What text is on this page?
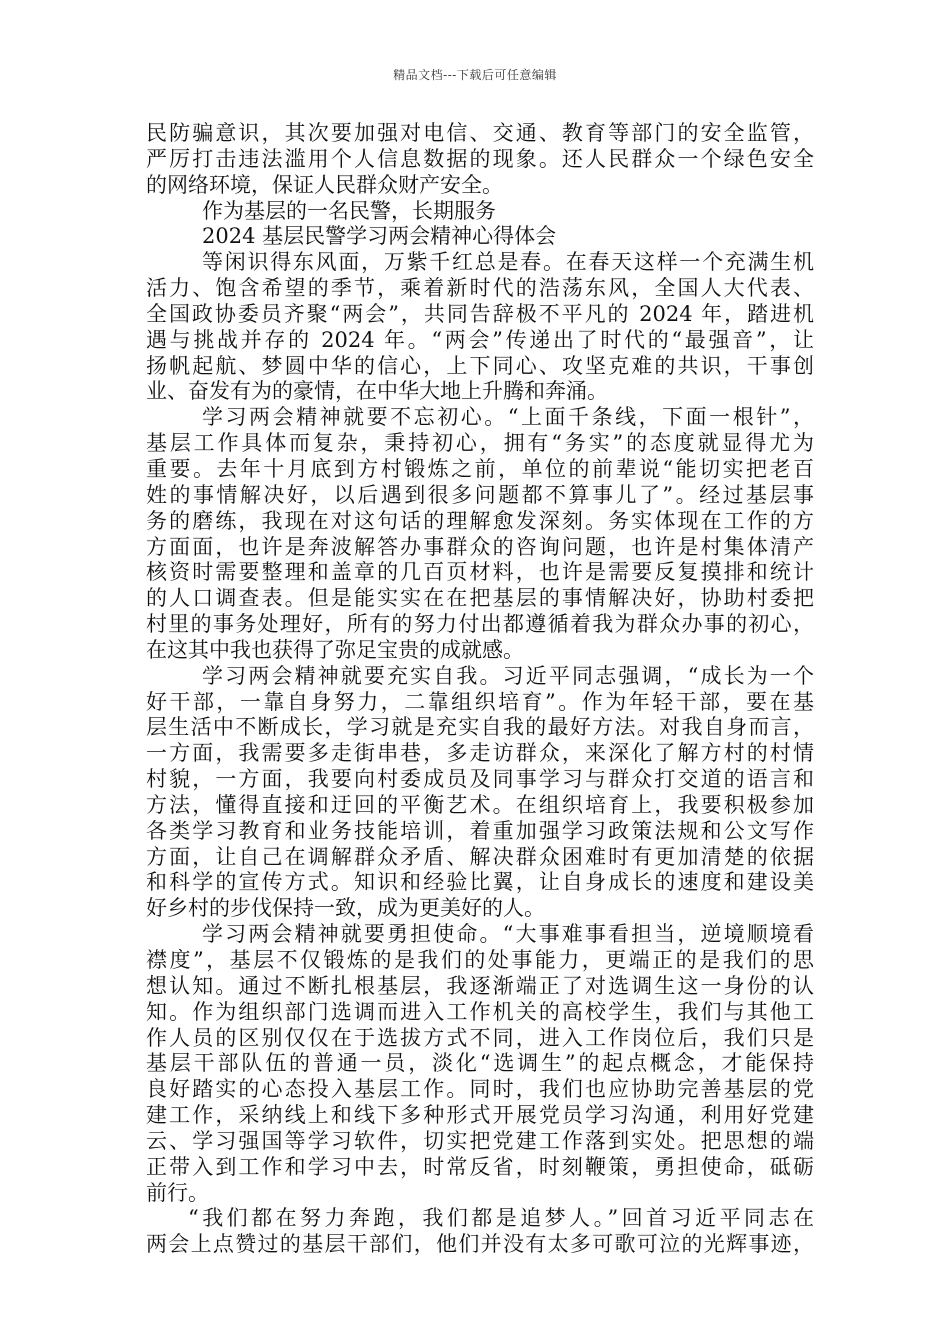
精品文档---下载后可任意编辑
民防骗意识，其次要加强对电信、交通、教育等部门的安全监管，
严厉打击违法滥用个人信息数据的现象。还人民群众一个绿色安全
的网络环境，保证人民群众财产安全。
作为基层的一名民警，长期服务
2024 基层民警学习两会精神心得体会
等闲识得东风面，万紫千红总是春。在春天这样一个充满生机
活力、饱含希望的季节，乘着新时代的浩荡东风，全国人大代表、
全国政协委员齐聚“两会”，共同告辞极不平凡的 2024 年，踏进机
遇与挑战并存的 2024 年。“两会”传递出了时代的“最强音”，让
扬帆起航、梦圆中华的信心，上下同心、攻坚克难的共识，干事创
业、奋发有为的豪情，在中华大地上升腾和奔涌。
学习两会精神就要不忘初心。“上面千条线，下面一根针”，
基层工作具体而复杂，秉持初心，拥有“务实”的态度就显得尤为
重要。去年十月底到方村锻炼之前，单位的前辈说“能切实把老百
姓的事情解决好，以后遇到很多问题都不算事儿了”。经过基层事
务的磨练，我现在对这句话的理解愈发深刻。务实体现在工作的方
方面面，也许是奔波解答办事群众的咨询问题，也许是村集体清产
核资时需要整理和盖章的几百页材料，也许是需要反复摸排和统计
的人口调查表。但是能实实在在把基层的事情解决好，协助村委把
村里的事务处理好，所有的努力付出都遵循着我为群众办事的初心，
在这其中我也获得了弥足宝贵的成就感。
学习两会精神就要充实自我。习近平同志强调，“成长为一个
好干部，一靠自身努力，二靠组织培育”。作为年轻干部，要在基
层生活中不断成长，学习就是充实自我的最好方法。对我自身而言，
一方面，我需要多走街串巷，多走访群众，来深化了解方村的村情
村貌，一方面，我要向村委成员及同事学习与群众打交道的语言和
方法，懂得直接和迂回的平衡艺术。在组织培育上，我要积极参加
各类学习教育和业务技能培训，着重加强学习政策法规和公文写作
方面，让自己在调解群众矛盾、解决群众困难时有更加清楚的依据
和科学的宣传方式。知识和经验比翼，让自身成长的速度和建设美
好乡村的步伐保持一致，成为更美好的人。
学习两会精神就要勇担使命。“大事难事看担当，逆境顺境看
襟度”，基层不仅锻炼的是我们的处事能力，更端正的是我们的思
想认知。通过不断扎根基层，我逐渐端正了对选调生这一身份的认
知。作为组织部门选调而进入工作机关的高校学生，我们与其他工
作人员的区别仅仅在于选拔方式不同，进入工作岗位后，我们只是
基层干部队伍的普通一员，淡化“选调生”的起点概念，才能保持
良好踏实的心态投入基层工作。同时，我们也应协助完善基层的党
建工作，采纳线上和线下多种形式开展党员学习沟通，利用好党建
云、学习强国等学习软件，切实把党建工作落到实处。把思想的端
正带入到工作和学习中去，时常反省，时刻鞭策，勇担使命，砥砺
前行。
“我们都在努力奔跑，我们都是追梦人。”回首习近平同志在
两会上点赞过的基层干部们，他们并没有太多可歌可泣的光辉事迹，
